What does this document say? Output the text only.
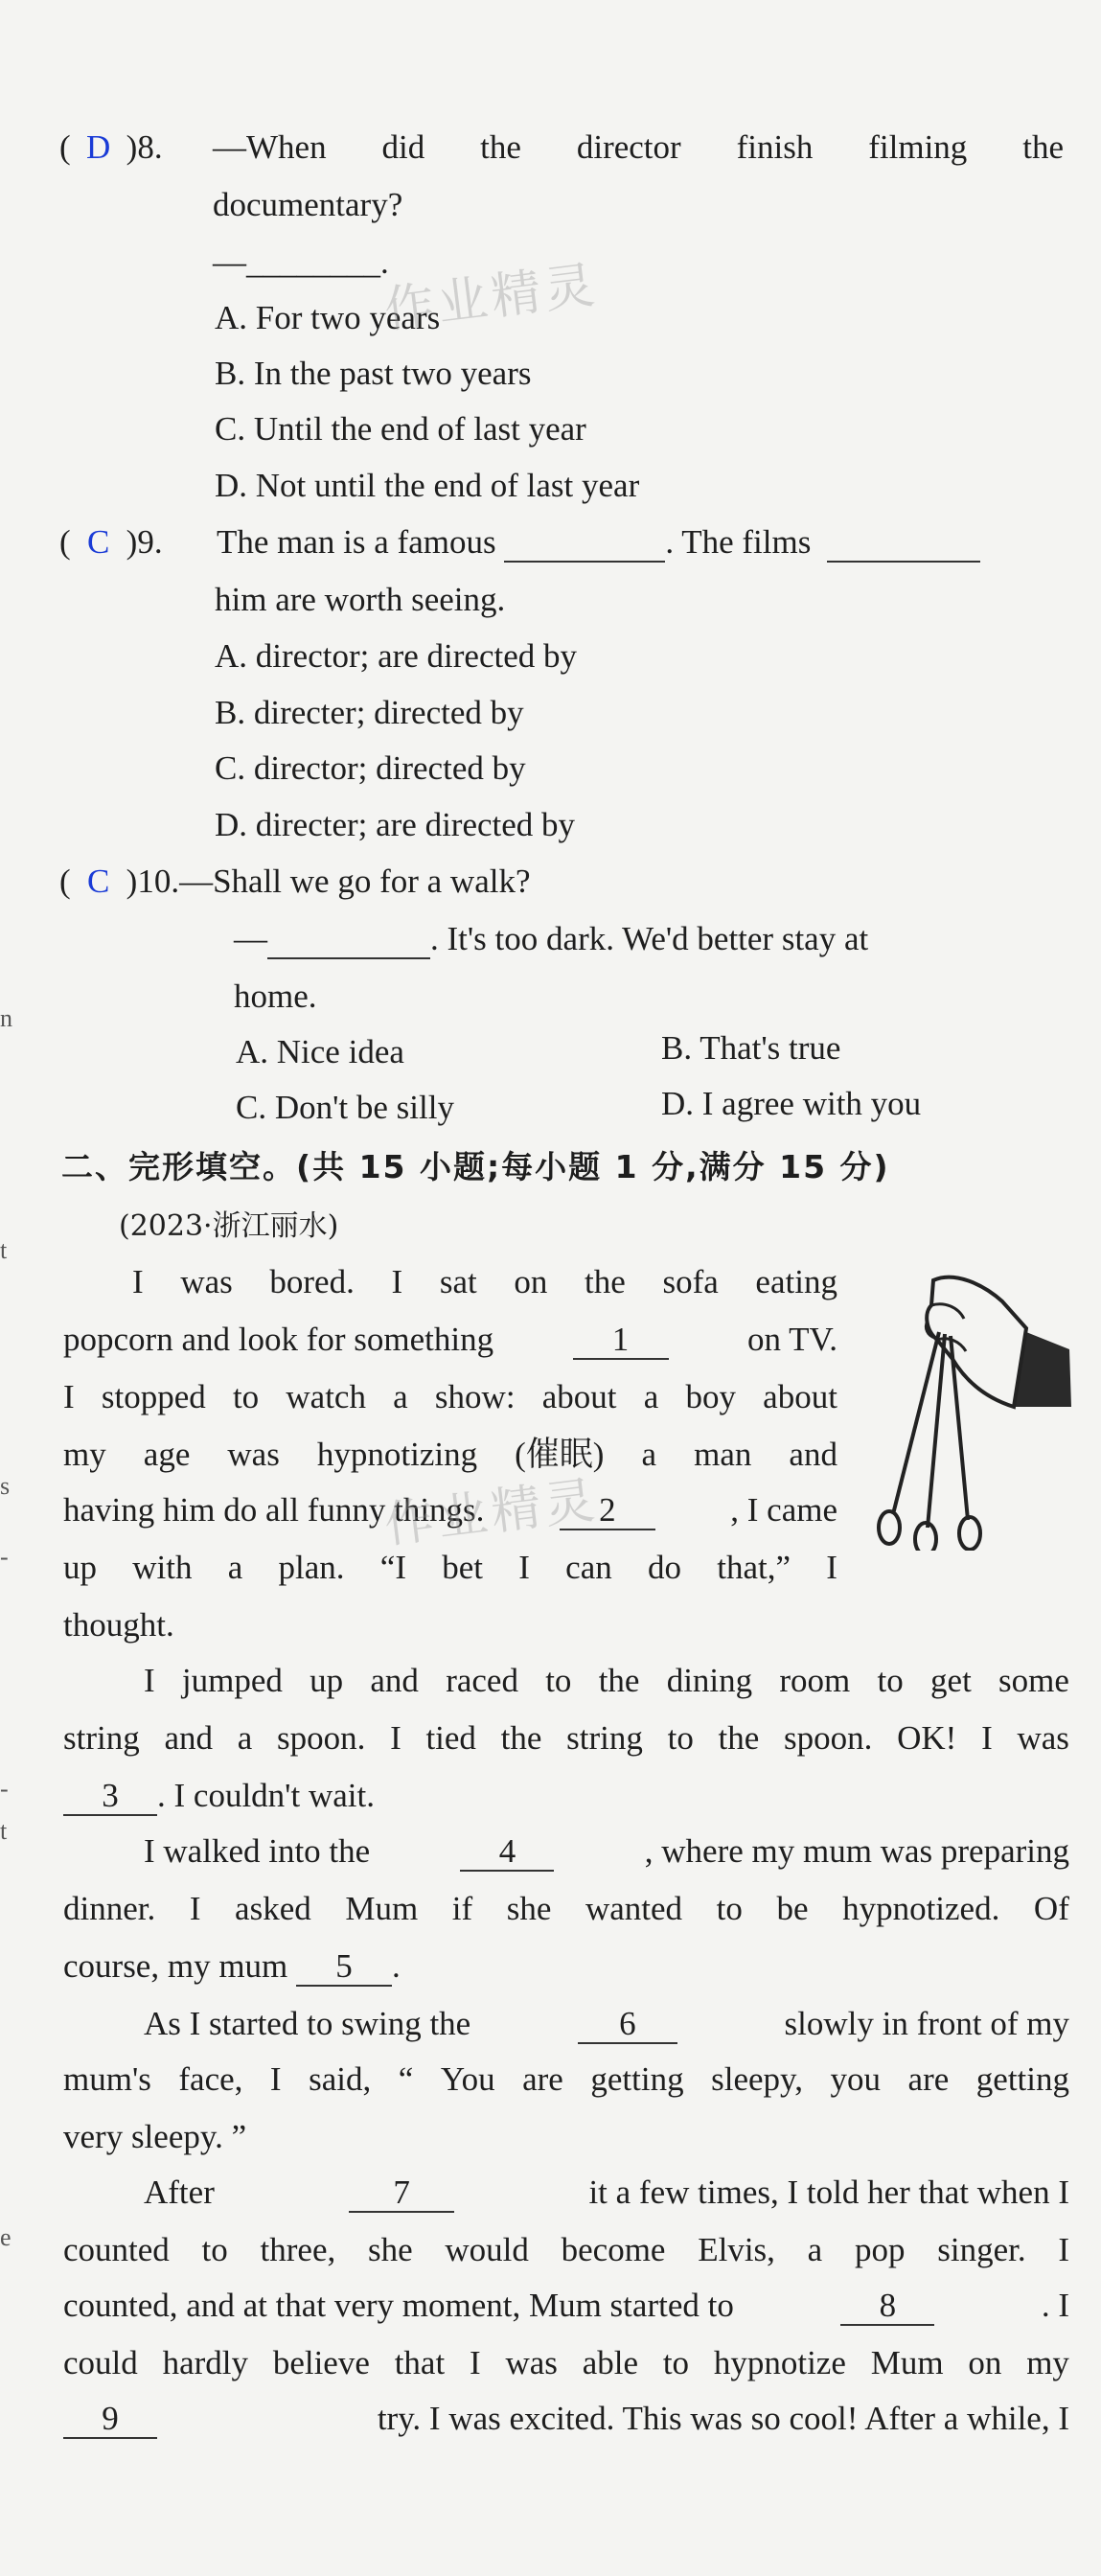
n
t
s
-
-
t
e
( D )8. —When did the director finish filming the
documentary?
—________.
A. For two years
B. In the past two years
C. Until the end of last year
D. Not until the end of last year
作业精灵
( C )9. The man is a famous	. The films
him are worth seeing.
A. director; are directed by
B. directer; directed by
C. director; directed by
D. directer; are directed by
( C )10.—Shall we go for a walk?
—	. It's too dark. We'd better stay at
home.
A. Nice idea	B. That's true
C. Don't be silly	D. I agree with you
二、完形填空。(共 15 小题;每小题 1 分,满分 15 分)
(2023·浙江丽水)
I was bored. I sat on the sofa eating
popcorn and look for something	1	on TV.
I stopped to watch a show: about a boy about
my age was hypnotizing (催眠) a man and
having him do all funny things.	2	, I came
up with a plan. “I bet I can do that,” I
thought.
作业精灵
I jumped up and raced to the dining room to get some
string and a spoon. I tied the string to the spoon. OK! I was
3 . I couldn't wait.
I walked into the	4	, where my mum was preparing
dinner. I asked Mum if she wanted to be hypnotized. Of
course, my mum 5 .
As I started to swing the	6	slowly in front of my
mum's face, I said, “ You are getting sleepy, you are getting
very sleepy. ”
After	7	it a few times, I told her that when I
counted to three, she would become Elvis, a pop singer. I
counted, and at that very moment, Mum started to	8	. I
could hardly believe that I was able to hypnotize Mum on my
9	try. I was excited. This was so cool! After a while, I
